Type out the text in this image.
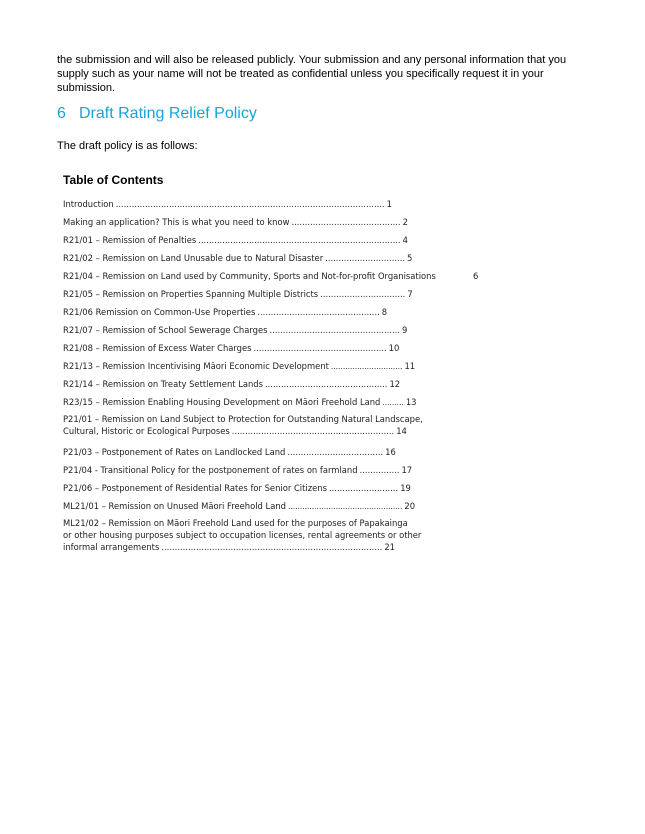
the submission and will also be released publicly. Your submission and any personal information that you supply such as your name will not be treated as confidential unless you specifically request it in your submission.
6 Draft Rating Relief Policy
The draft policy is as follows:
Table of Contents
Introduction ..................................................................................................... 1
Making an application? This is what you need to know ......................................... 2
R21/01 – Remission of Penalties ............................................................................ 4
R21/02 – Remission on Land Unusable due to Natural Disaster .............................. 5
R21/04 – Remission on Land used by Community, Sports and Not-for-profit Organisations	6
R21/05 – Remission on Properties Spanning Multiple Districts ................................ 7
R21/06 Remission on Common-Use Properties .............................................. 8
R21/07 – Remission of School Sewerage Charges ................................................. 9
R21/08 – Remission of Excess Water Charges .................................................. 10
R21/13 – Remission Incentivising Māori Economic Development .............................. 11
R21/14 – Remission on Treaty Settlement Lands .............................................. 12
R23/15 – Remission Enabling Housing Development on Māori Freehold Land ......... 13
P21/01 – Remission on Land Subject to Protection for Outstanding Natural Landscape,
Cultural, Historic or Ecological Purposes ............................................................. 14
P21/03 – Postponement of Rates on Landlocked Land .................................... 16
P21/04 - Transitional Policy for the postponement of rates on farmland ............... 17
P21/06 – Postponement of Residential Rates for Senior Citizens .......................... 19
ML21/01 – Remission on Unused Māori Freehold Land ................................................ 20
ML21/02 – Remission on Māori Freehold Land used for the purposes of Papakainga
or other housing purposes subject to occupation licenses, rental agreements or other
informal arrangements ................................................................................... 21
